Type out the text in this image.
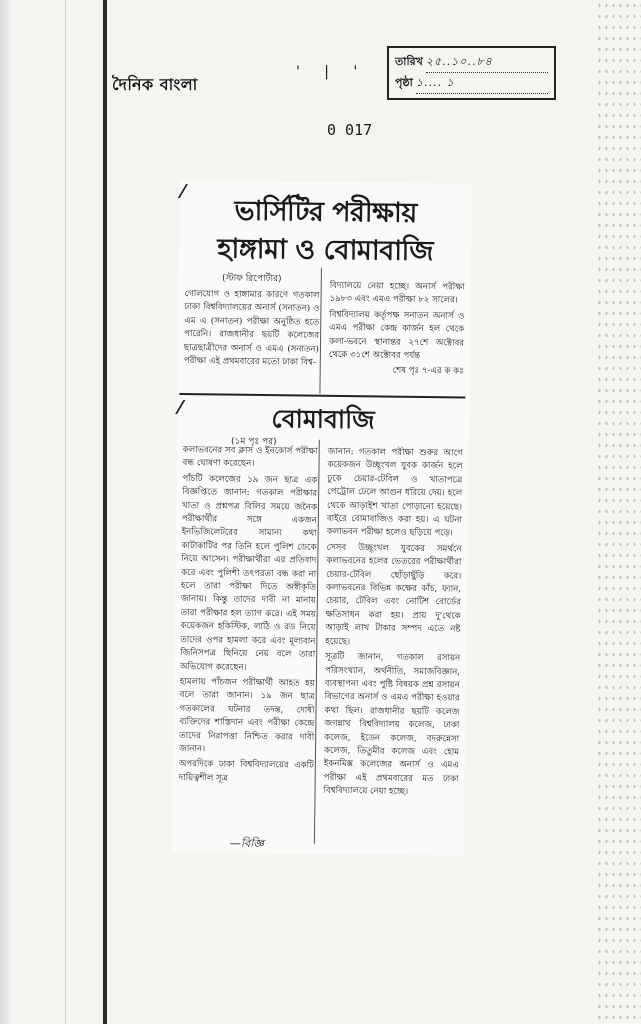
দৈনিক বাংলা
' | '
তারিখ ২৫..১০..৮৪
পৃষ্ঠা ১.... ১
0 017
ভার্সিটির পরীক্ষায়
হাঙ্গামা ও বোমাবাজি
(স্টাফ রিপোর্টার)

গোলযোগ ও হাঙ্গামার কারণে গতকাল ঢাকা বিশ্ববিদ্যালয়ের অনার্স (সনাতন) ও এম এ (সনাতন) পরীক্ষা অনুষ্ঠিত হতে পারেনি। রাজধানীর ছয়টি কলেজের ছাত্রছাত্রীদের অনার্স ও এমএ (সনাতন) পরীক্ষা এই প্রথমবারের মতো ঢাকা বিশ্ব-

বিদ্যালয়ে নেয়া হচ্ছে। অনার্স পরীক্ষা ১৯৮৩ এবং এমএ পরীক্ষা ৮২ সালের।

বিশ্ববিদ্যালয় কর্তৃপক্ষ সনাতন অনার্স ও এমএ পরীক্ষা কেন্দ্র কার্জন হল থেকে কলা-ভবনে স্থানান্তর ২৭শে অক্টোবর থেকে ৩১শে অক্টোবর পর্যন্ত

শেষ পৃঃ ৭-এর ক কঃ

বোমাবাজি
(১ম পৃঃ পর)

কলাভবনের সব ক্লাস ও ইনকোর্স পরীক্ষা বন্ধ ঘোষণা করেছেন।

পাঁচটি কলেজের ১৯ জন ছাত্র এক বিজ্ঞপ্তিতে জানান: গতকাল পরীক্ষার খাতা ও প্রশ্নপত্র বিলির সময়ে জনৈক পরীক্ষার্থীর সঙ্গে একজন ইনভিজিলেটরের সামান্য কথা কাটাকাটির পর তিনি হলে পুলিশ ডেকে নিয়ে আসেন। পরীক্ষার্থীরা এর প্রতিবাদ করে এবং পুলিশী তৎপরতা বন্ধ করা না হলে তারা পরীক্ষা দিতে অস্বীকৃতি জানায়। কিন্তু তাদের দাবী না মানায় তারা পরীক্ষার হল ত্যাগ করে। এই সময় কয়েকজন হকিস্টিক, লাঠি ও রড নিয়ে তাদের ওপর হামলা করে এবং মূল্যবান জিনিসপত্র ছিনিয়ে নেয় বলে তারা অভিযোগ করেছেন।

হামলায় পাঁচজন পরীক্ষার্থী আহত হয় বলে তারা জানান। ১৯ জন ছাত্র গতকালের ঘটনার তদন্ত, দোষী ব্যক্তিদের শাস্তিদান এবং পরীক্ষা কেন্দ্রে তাদের নিরাপত্তা নিশ্চিত করার দাবী জানান।

অপরদিকে ঢাকা বিশ্ববিদ্যালয়ের একটি দায়িত্বশীল সূত্র

জানান: গতকাল পরীক্ষা শুরুর আগে কয়েকজন উচ্ছৃংখল যুবক কার্জন হলে ঢুকে চেয়ার-টেবিল ও খাতাপত্রে পেট্রোল ঢেলে আগুন ধরিয়ে দেয়। হলে থেকে আড়াইশ খাতা পোড়ানো হয়েছে। বাইরে বোমাবাজিও করা হয়। এ ঘটনা কলাভবন পরীক্ষা হলেও ছড়িয়ে পড়ে।

সেসব উচ্ছৃংখল যুবকের সমর্থনে কলাভবনের হলের ভেতরের পরীক্ষার্থীরা চেয়ার-টেবিল ছোঁড়াছুঁড়ি করে। কলাভবনের বিভিন্ন কক্ষের কাঁচ, ফ্যান, চেয়ার, টেবিল এবং নোটিশ বোর্ডের ক্ষতিসাধন করা হয়। প্রায় দু'থেকে আড়াই লাখ টাকার সম্পদ এতে নষ্ট হয়েছে।

সূত্রটি জানান, গতকাল রসায়ন পরিসংখ্যান, অর্থনীতি, সমাজবিজ্ঞান, ব্যবস্থাপনা এবং পুষ্টি বিষয়ক প্রশ্ন রসায়ন বিভাগের অনার্স ও এমএ পরীক্ষা হওয়ার কথা ছিল। রাজধানীর ছয়টি কলেজ জগন্নাথ বিশ্ববিদ্যালয় কলেজ, ঢাকা কলেজ, ইডেন কলেজ, বদরুন্নেসা কলেজ, তিতুমীর কলেজ এবং হোম ইকনমিক্স কলেজের অনার্স ও এমএ পরীক্ষা এই প্রথমবারের মত ঢাকা বিশ্ববিদ্যালয়ে নেয়া হচ্ছে।

—বিজ্ঞি
